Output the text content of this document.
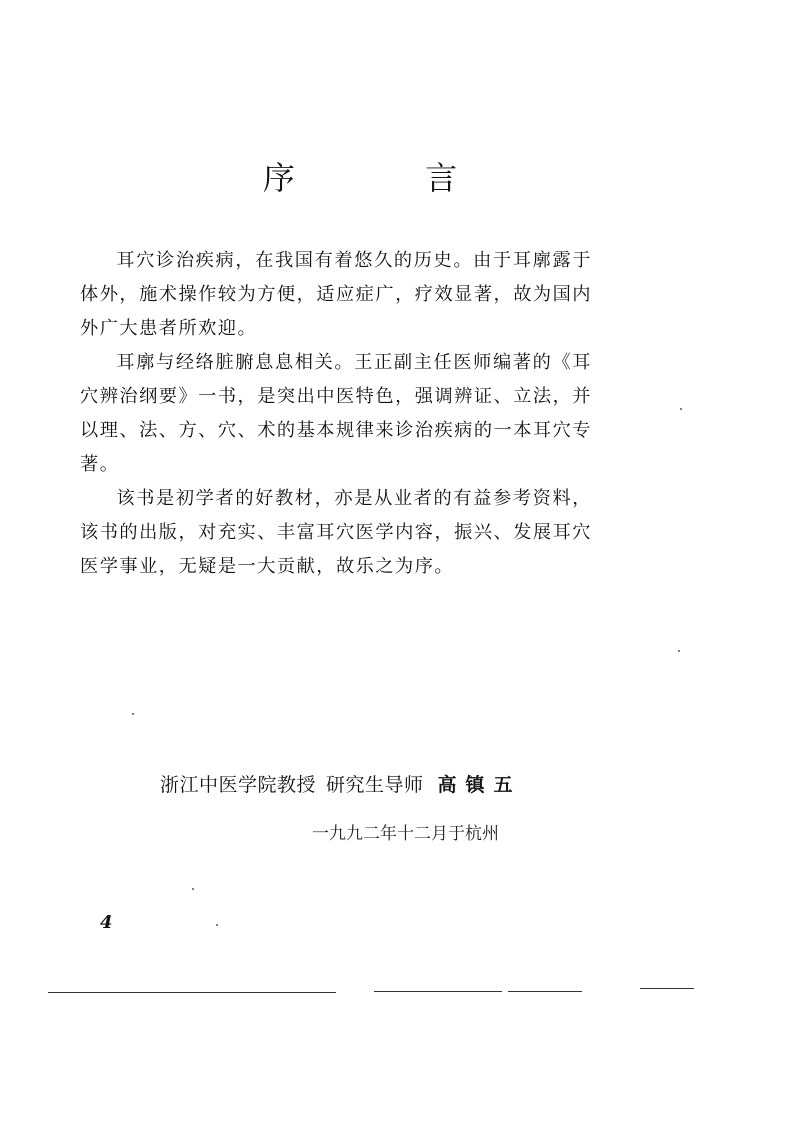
序 言

耳穴诊治疾病，在我国有着悠久的历史。由于耳廓露于体外，施术操作较为方便，适应症广，疗效显著，故为国内外广大患者所欢迎。

耳廓与经络脏腑息息相关。王正副主任医师编著的《耳穴辨治纲要》一书，是突出中医特色，强调辨证、立法，并以理、法、方、穴、术的基本规律来诊治疾病的一本耳穴专著。

该书是初学者的好教材，亦是从业者的有益参考资料，该书的出版，对充实、丰富耳穴医学内容，振兴、发展耳穴医学事业，无疑是一大贡献，故乐之为序。

浙江中医学院教授 研究生导师 高镇五
一九九二年十二月于杭州
4
